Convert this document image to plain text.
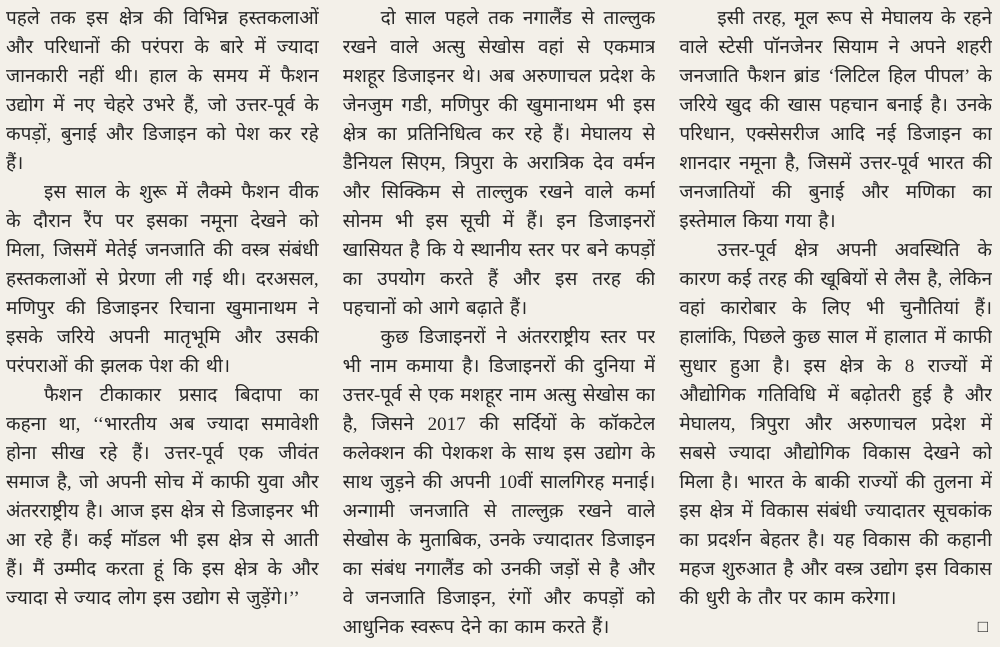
पहले तक इस क्षेत्र की विभिन्न हस्तकलाओं और परिधानों की परंपरा के बारे में ज्यादा जानकारी नहीं थी। हाल के समय में फैशन उद्योग में नए चेहरे उभरे हैं, जो उत्तर-पूर्व के कपड़ों, बुनाई और डिजाइन को पेश कर रहे हैं।

इस साल के शुरू में लैक्मे फैशन वीक के दौरान रैंप पर इसका नमूना देखने को मिला, जिसमें मेतेई जनजाति की वस्त्र संबंधी हस्तकलाओं से प्रेरणा ली गई थी। दरअसल, मणिपुर की डिजाइनर रिचाना खुमानाथम ने इसके जरिये अपनी मातृभूमि और उसकी परंपराओं की झलक पेश की थी।

फैशन टीकाकार प्रसाद बिदापा का कहना था, ‘‘भारतीय अब ज्यादा समावेशी होना सीख रहे हैं। उत्तर-पूर्व एक जीवंत समाज है, जो अपनी सोच में काफी युवा और अंतरराष्ट्रीय है। आज इस क्षेत्र से डिजाइनर भी आ रहे हैं। कई मॉडल भी इस क्षेत्र से आती हैं। मैं उम्मीद करता हूं कि इस क्षेत्र के और ज्यादा से ज्याद लोग इस उद्योग से जुड़ेंगे।’’

दो साल पहले तक नगालैंड से ताल्लुक रखने वाले अत्सु सेखोस वहां से एकमात्र मशहूर डिजाइनर थे। अब अरुणाचल प्रदेश के जेनजुम गडी, मणिपुर की खुमानाथम भी इस क्षेत्र का प्रतिनिधित्व कर रहे हैं। मेघालय से डैनियल सिएम, त्रिपुरा के अरात्रिक देव वर्मन और सिक्किम से ताल्लुक रखने वाले कर्मा सोनम भी इस सूची में हैं। इन डिजाइनरों खासियत है कि ये स्थानीय स्तर पर बने कपड़ों का उपयोग करते हैं और इस तरह की पहचानों को आगे बढ़ाते हैं।

कुछ डिजाइनरों ने अंतरराष्ट्रीय स्तर पर भी नाम कमाया है। डिजाइनरों की दुनिया में उत्तर-पूर्व से एक मशहूर नाम अत्सु सेखोस का है, जिसने 2017 की सर्दियों के कॉकटेल कलेक्शन की पेशकश के साथ इस उद्योग के साथ जुड़ने की अपनी 10वीं सालगिरह मनाई। अन्गामी जनजाति से ताल्लुक़ रखने वाले सेखोस के मुताबिक, उनके ज्यादातर डिजाइन का संबंध नगालैंड को उनकी जड़ों से है और वे जनजाति डिजाइन, रंगों और कपड़ों को आधुनिक स्वरूप देने का काम करते हैं।

इसी तरह, मूल रूप से मेघालय के रहने वाले स्टेसी पॉनजेनर सियाम ने अपने शहरी जनजाति फैशन ब्रांड ‘लिटिल हिल पीपल’ के जरिये खुद की खास पहचान बनाई है। उनके परिधान, एक्सेसरीज आदि नई डिजाइन का शानदार नमूना है, जिसमें उत्तर-पूर्व भारत की जनजातियों की बुनाई और मणिका का इस्तेमाल किया गया है।

उत्तर-पूर्व क्षेत्र अपनी अवस्थिति के कारण कई तरह की खूबियों से लैस है, लेकिन वहां कारोबार के लिए भी चुनौतियां हैं। हालांकि, पिछले कुछ साल में हालात में काफी सुधार हुआ है। इस क्षेत्र के 8 राज्यों में औद्योगिक गतिविधि में बढ़ोतरी हुई है और मेघालय, त्रिपुरा और अरुणाचल प्रदेश में सबसे ज्यादा औद्योगिक विकास देखने को मिला है। भारत के बाकी राज्यों की तुलना में इस क्षेत्र में विकास संबंधी ज्यादातर सूचकांक का प्रदर्शन बेहतर है। यह विकास की कहानी महज शुरुआत है और वस्त्र उद्योग इस विकास की धुरी के तौर पर काम करेगा।

□
